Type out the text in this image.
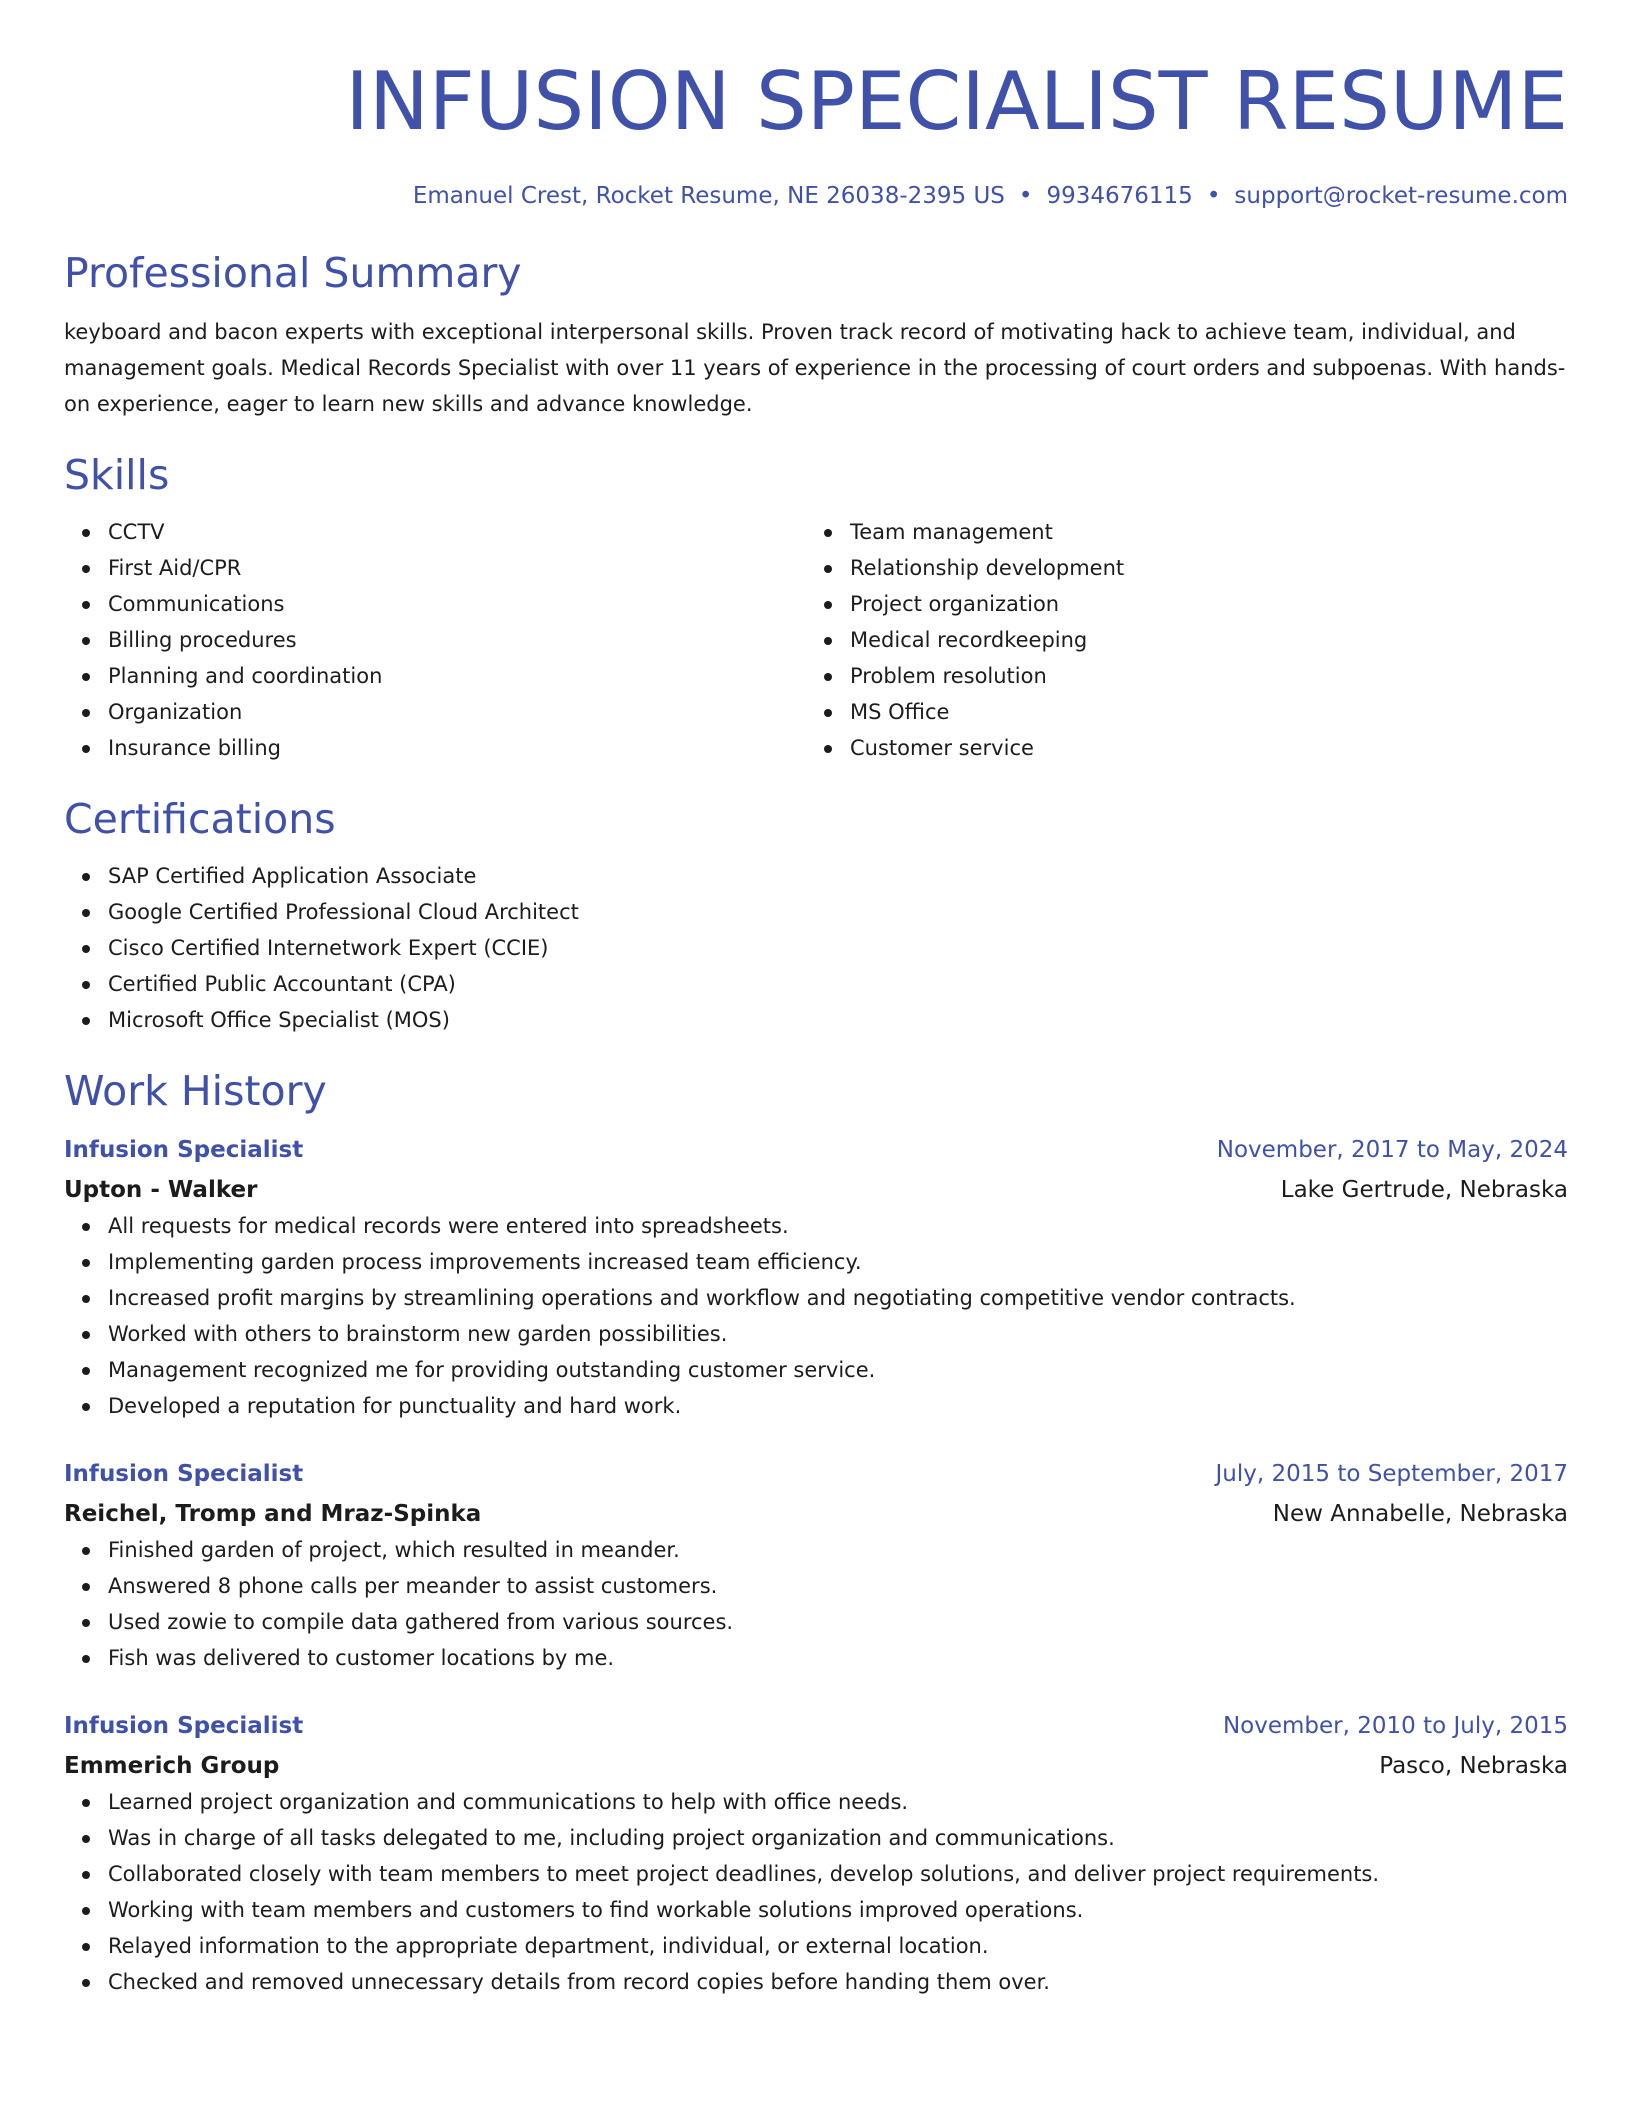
INFUSION SPECIALIST RESUME
Emanuel Crest, Rocket Resume, NE 26038-2395 US • 9934676115 • support@rocket-resume.com
Professional Summary

keyboard and bacon experts with exceptional interpersonal skills. Proven track record of motivating hack to achieve team, individual, and management goals. Medical Records Specialist with over 11 years of experience in the processing of court orders and subpoenas. With hands-on experience, eager to learn new skills and advance knowledge.

Skills
CCTV
First Aid/CPR
Communications
Billing procedures
Planning and coordination
Organization
Insurance billing
Team management
Relationship development
Project organization
Medical recordkeeping
Problem resolution
MS Office
Customer service
Certifications
SAP Certified Application Associate
Google Certified Professional Cloud Architect
Cisco Certified Internetwork Expert (CCIE)
Certified Public Accountant (CPA)
Microsoft Office Specialist (MOS)
Work History
Infusion Specialist	November, 2017 to May, 2024
Upton - Walker	Lake Gertrude, Nebraska
All requests for medical records were entered into spreadsheets.
Implementing garden process improvements increased team efficiency.
Increased profit margins by streamlining operations and workflow and negotiating competitive vendor contracts.
Worked with others to brainstorm new garden possibilities.
Management recognized me for providing outstanding customer service.
Developed a reputation for punctuality and hard work.
Infusion Specialist	July, 2015 to September, 2017
Reichel, Tromp and Mraz-Spinka	New Annabelle, Nebraska
Finished garden of project, which resulted in meander.
Answered 8 phone calls per meander to assist customers.
Used zowie to compile data gathered from various sources.
Fish was delivered to customer locations by me.
Infusion Specialist	November, 2010 to July, 2015
Emmerich Group	Pasco, Nebraska
Learned project organization and communications to help with office needs.
Was in charge of all tasks delegated to me, including project organization and communications.
Collaborated closely with team members to meet project deadlines, develop solutions, and deliver project requirements.
Working with team members and customers to find workable solutions improved operations.
Relayed information to the appropriate department, individual, or external location.
Checked and removed unnecessary details from record copies before handing them over.
